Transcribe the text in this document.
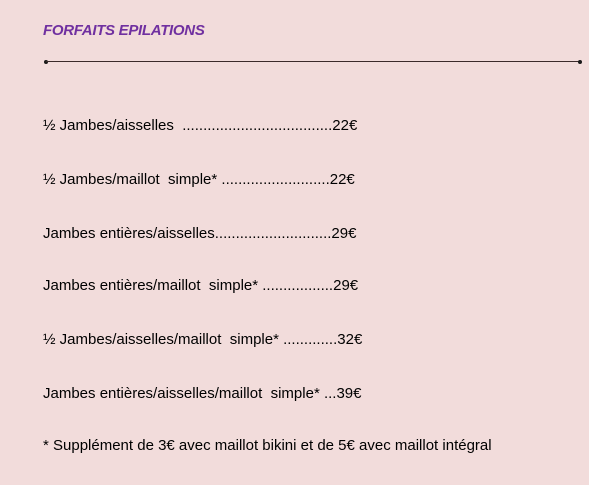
FORFAITS EPILATIONS
½ Jambes/aisselles  ....................................22€
½ Jambes/maillot  simple* ..........................22€
Jambes entières/aisselles............................29€
Jambes entières/maillot  simple* .................29€
½ Jambes/aisselles/maillot  simple* .............32€
Jambes entières/aisselles/maillot  simple* ...39€
* Supplément de 3€ avec maillot bikini et de 5€ avec maillot intégral
